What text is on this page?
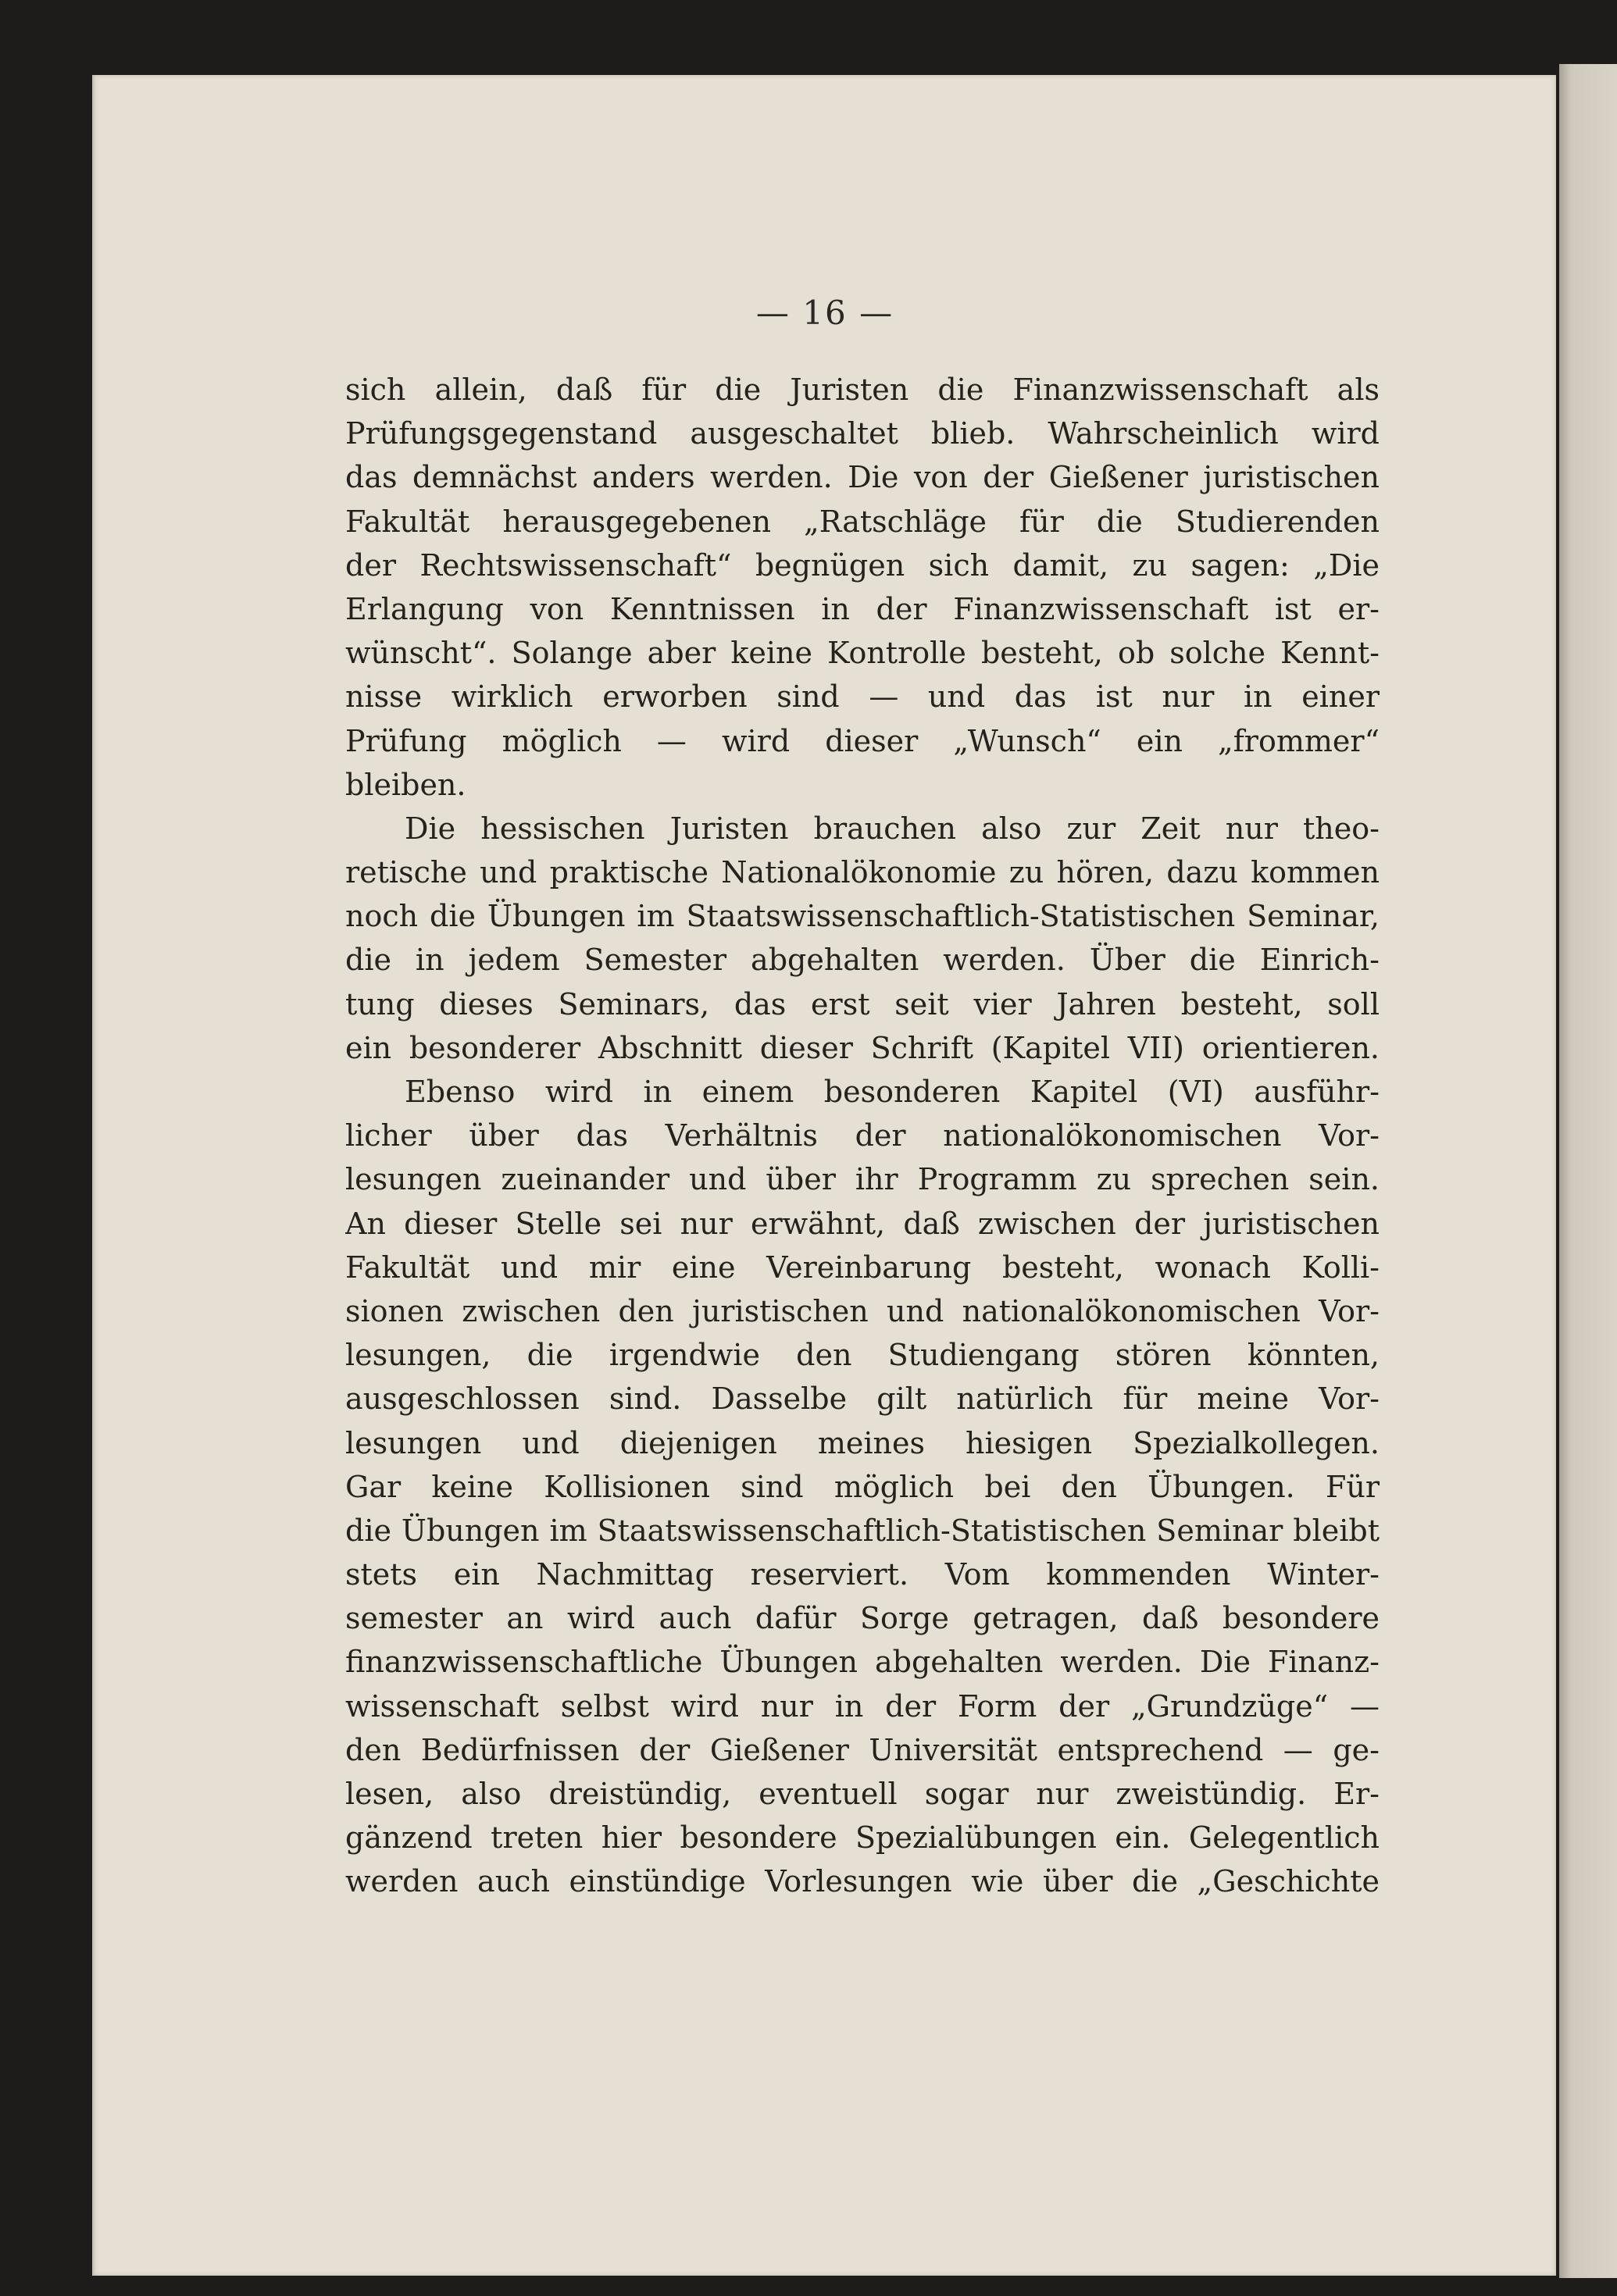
— 16 —
sich allein, daß für die Juristen die Finanzwissenschaft als
Prüfungsgegenstand ausgeschaltet blieb. Wahrscheinlich wird
das demnächst anders werden. Die von der Gießener juristischen
Fakultät herausgegebenen „Ratschläge für die Studierenden
der Rechtswissenschaft“ begnügen sich damit, zu sagen: „Die
Erlangung von Kenntnissen in der Finanzwissenschaft ist er-
wünscht“. Solange aber keine Kontrolle besteht, ob solche Kennt-
nisse wirklich erworben sind — und das ist nur in einer
Prüfung möglich — wird dieser „Wunsch“ ein „frommer“
bleiben.
Die hessischen Juristen brauchen also zur Zeit nur theo-
retische und praktische Nationalökonomie zu hören, dazu kommen
noch die Übungen im Staatswissenschaftlich-Statistischen Seminar,
die in jedem Semester abgehalten werden. Über die Einrich-
tung dieses Seminars, das erst seit vier Jahren besteht, soll
ein besonderer Abschnitt dieser Schrift (Kapitel VII) orientieren.
Ebenso wird in einem besonderen Kapitel (VI) ausführ-
licher über das Verhältnis der nationalökonomischen Vor-
lesungen zueinander und über ihr Programm zu sprechen sein.
An dieser Stelle sei nur erwähnt, daß zwischen der juristischen
Fakultät und mir eine Vereinbarung besteht, wonach Kolli-
sionen zwischen den juristischen und nationalökonomischen Vor-
lesungen, die irgendwie den Studiengang stören könnten,
ausgeschlossen sind. Dasselbe gilt natürlich für meine Vor-
lesungen und diejenigen meines hiesigen Spezialkollegen.
Gar keine Kollisionen sind möglich bei den Übungen. Für
die Übungen im Staatswissenschaftlich-Statistischen Seminar bleibt
stets ein Nachmittag reserviert. Vom kommenden Winter-
semester an wird auch dafür Sorge getragen, daß besondere
finanzwissenschaftliche Übungen abgehalten werden. Die Finanz-
wissenschaft selbst wird nur in der Form der „Grundzüge“ —
den Bedürfnissen der Gießener Universität entsprechend — ge-
lesen, also dreistündig, eventuell sogar nur zweistündig. Er-
gänzend treten hier besondere Spezialübungen ein. Gelegentlich
werden auch einstündige Vorlesungen wie über die „Geschichte
